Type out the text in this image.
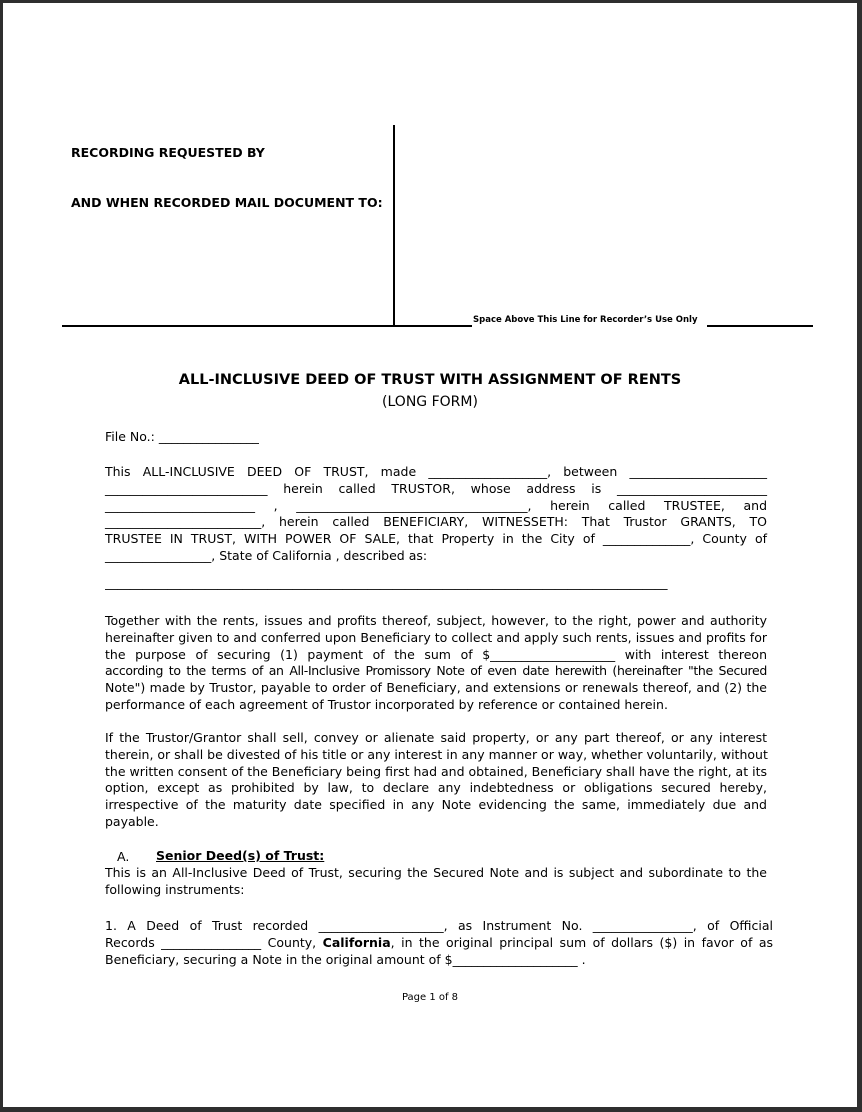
RECORDING REQUESTED BY
AND WHEN RECORDED MAIL DOCUMENT TO:
Space Above This Line for Recorder’s Use Only
ALL-INCLUSIVE DEED OF TRUST WITH ASSIGNMENT OF RENTS
(LONG FORM)
File No.: ________________
This ALL-INCLUSIVE DEED OF TRUST, made ___________________, between ______________________
__________________________ herein called TRUSTOR, whose address is ________________________
________________________ , _____________________________________, herein called TRUSTEE, and
_________________________, herein called BENEFICIARY, WITNESSETH: That Trustor GRANTS, TO
TRUSTEE IN TRUST, WITH POWER OF SALE, that Property in the City of ______________, County of
_________________, State of California , described as:
__________________________________________________________________________________________
Together with the rents, issues and profits thereof, subject, however, to the right, power and authority
hereinafter given to and conferred upon Beneficiary to collect and apply such rents, issues and profits for
the purpose of securing (1) payment of the sum of $____________________ with interest thereon
according to the terms of an All-Inclusive Promissory Note of even date herewith (hereinafter "the Secured
Note") made by Trustor, payable to order of Beneficiary, and extensions or renewals thereof, and (2) the
performance of each agreement of Trustor incorporated by reference or contained herein.
If the Trustor/Grantor shall sell, convey or alienate said property, or any part thereof, or any interest
therein, or shall be divested of his title or any interest in any manner or way, whether voluntarily, without
the written consent of the Beneficiary being first had and obtained, Beneficiary shall have the right, at its
option, except as prohibited by law, to declare any indebtedness or obligations secured hereby,
irrespective of the maturity date specified in any Note evidencing the same, immediately due and
payable.
A. Senior Deed(s) of Trust:
This is an All-Inclusive Deed of Trust, securing the Secured Note and is subject and subordinate to the
following instruments:
1. A Deed of Trust recorded ____________________, as Instrument No. ________________, of Official
Records ________________ County, California, in the original principal sum of dollars ($) in favor of as
Beneficiary, securing a Note in the original amount of $____________________ .
Page 1 of 8
